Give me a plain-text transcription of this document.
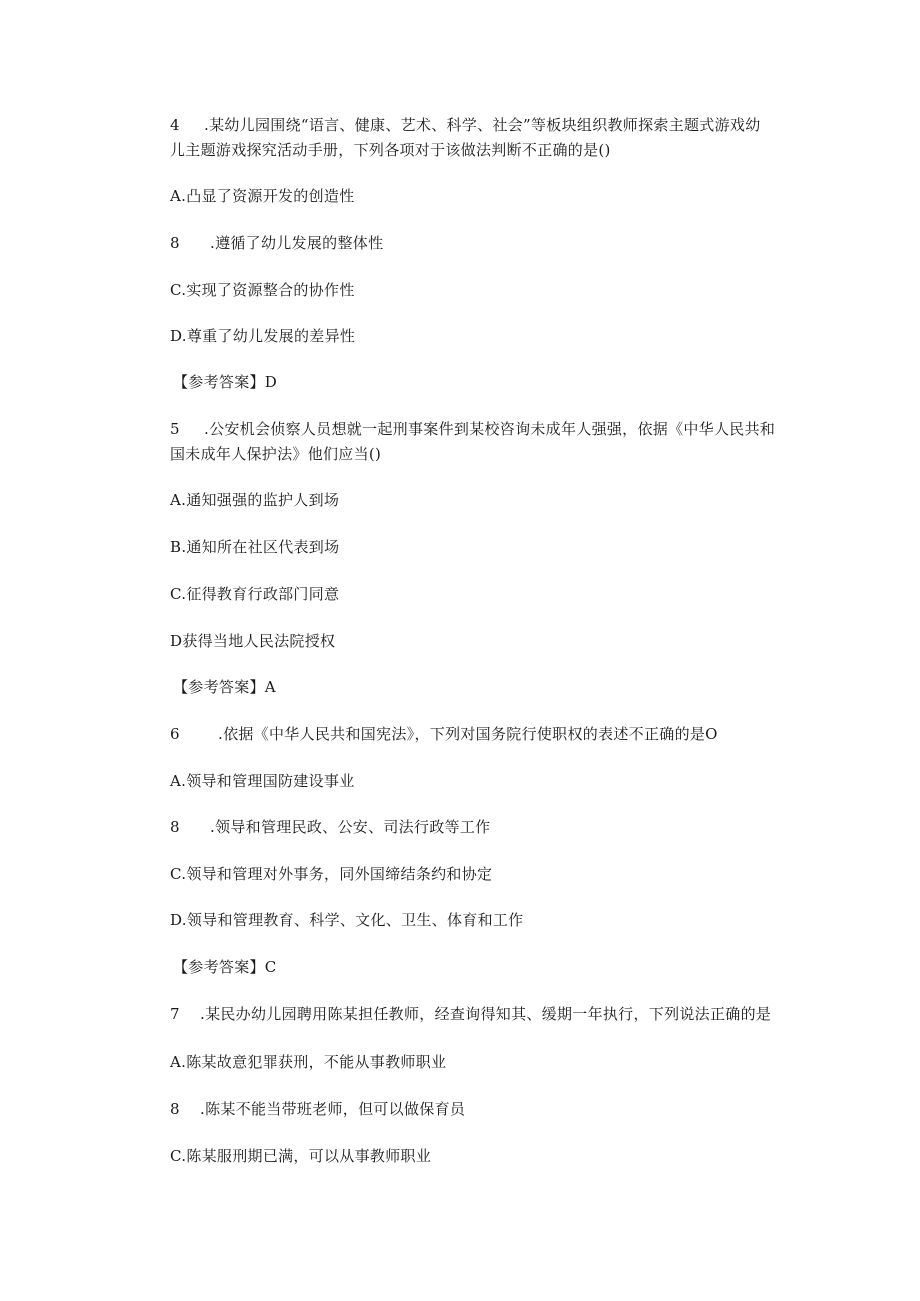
4 .某幼儿园围绕“语言、健康、艺术、科学、社会”等板块组织教师探索主题式游戏幼
儿主题游戏探究活动手册，下列各项对于该做法判断不正确的是()
A.凸显了资源开发的创造性
8 .遵循了幼儿发展的整体性
C.实现了资源整合的协作性
D.尊重了幼儿发展的差异性
【参考答案】D
5 .公安机会侦察人员想就一起刑事案件到某校咨询未成年人强强，依据《中华人民共和
国未成年人保护法》他们应当()
A.通知强强的监护人到场
B.通知所在社区代表到场
C.征得教育行政部门同意
D获得当地人民法院授权
【参考答案】A
6	.依据《中华人民共和国宪法》，下列对国务院行使职权的表述不正确的是O
A.领导和管理国防建设事业
8 .领导和管理民政、公安、司法行政等工作
C.领导和管理对外事务，同外国缔结条约和协定
D.领导和管理教育、科学、文化、卫生、体育和工作
【参考答案】C
7 .某民办幼儿园聘用陈某担任教师，经查询得知其、缓期一年执行，下列说法正确的是
A.陈某故意犯罪获刑，不能从事教师职业
8 .陈某不能当带班老师，但可以做保育员
C.陈某服刑期已满，可以从事教师职业
